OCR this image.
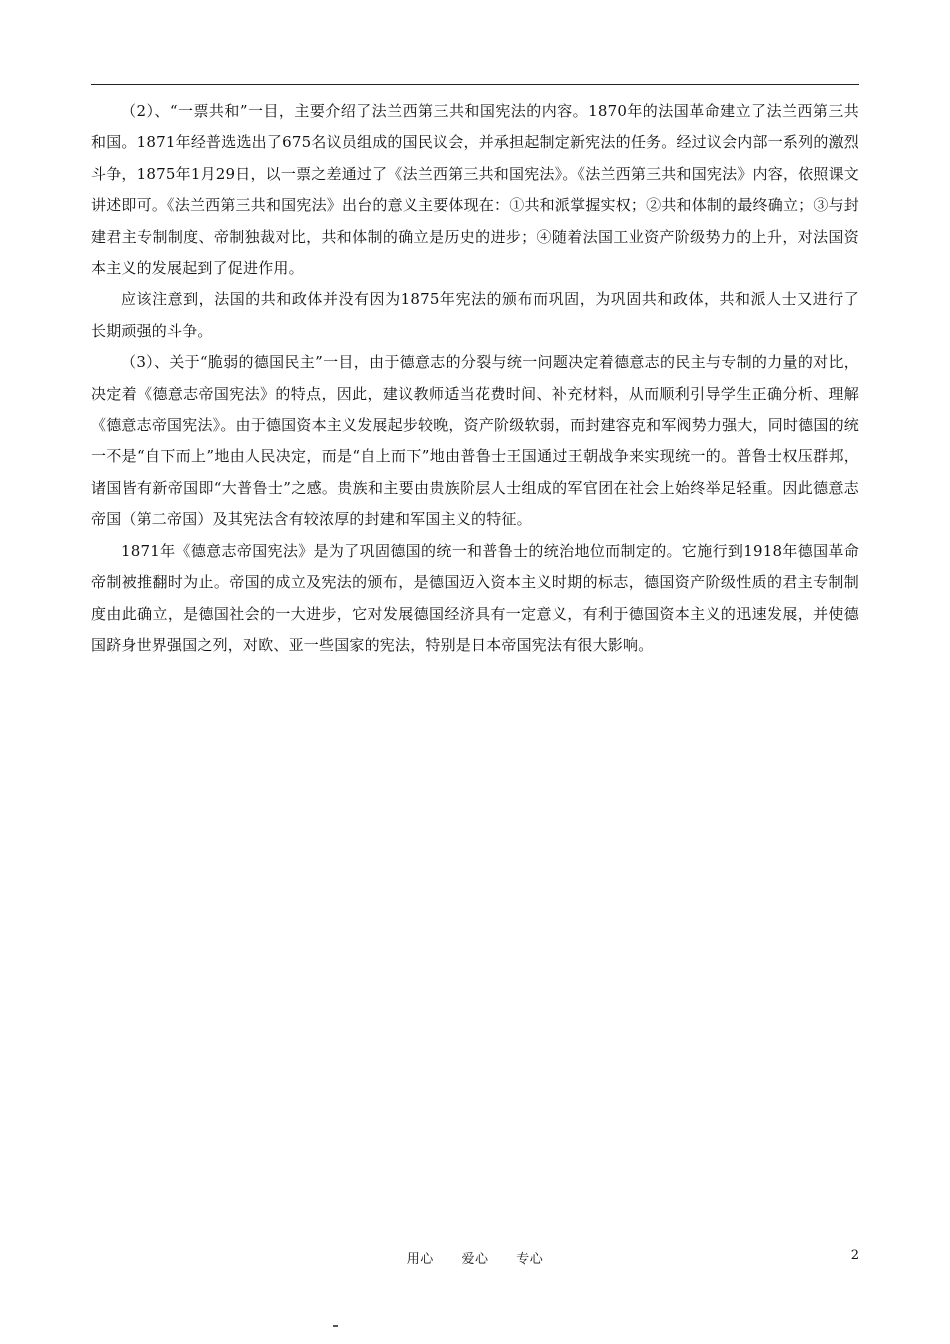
（2）、“一票共和”一目，主要介绍了法兰西第三共和国宪法的内容。1870年的法国革命建立了法兰西第三共和国。1871年经普选选出了675名议员组成的国民议会，并承担起制定新宪法的任务。经过议会内部一系列的激烈斗争，1875年1月29日，以一票之差通过了《法兰西第三共和国宪法》。《法兰西第三共和国宪法》内容，依照课文讲述即可。《法兰西第三共和国宪法》出台的意义主要体现在：①共和派掌握实权；②共和体制的最终确立；③与封建君主专制制度、帝制独裁对比，共和体制的确立是历史的进步；④随着法国工业资产阶级势力的上升，对法国资本主义的发展起到了促进作用。

应该注意到，法国的共和政体并没有因为1875年宪法的颁布而巩固，为巩固共和政体，共和派人士又进行了长期顽强的斗争。

（3）、关于“脆弱的德国民主”一目，由于德意志的分裂与统一问题决定着德意志的民主与专制的力量的对比，决定着《德意志帝国宪法》的特点，因此，建议教师适当花费时间、补充材料，从而顺利引导学生正确分析、理解《德意志帝国宪法》。由于德国资本主义发展起步较晚，资产阶级软弱，而封建容克和军阀势力强大，同时德国的统一不是“自下而上”地由人民决定，而是“自上而下”地由普鲁士王国通过王朝战争来实现统一的。普鲁士权压群邦，诸国皆有新帝国即“大普鲁士”之感。贵族和主要由贵族阶层人士组成的军官团在社会上始终举足轻重。因此德意志帝国（第二帝国）及其宪法含有较浓厚的封建和军国主义的特征。

1871年《德意志帝国宪法》是为了巩固德国的统一和普鲁士的统治地位而制定的。它施行到1918年德国革命帝制被推翻时为止。帝国的成立及宪法的颁布，是德国迈入资本主义时期的标志，德国资产阶级性质的君主专制制度由此确立，是德国社会的一大进步，它对发展德国经济具有一定意义，有利于德国资本主义的迅速发展，并使德国跻身世界强国之列，对欧、亚一些国家的宪法，特别是日本帝国宪法有很大影响。

用心      爱心      专心	2
